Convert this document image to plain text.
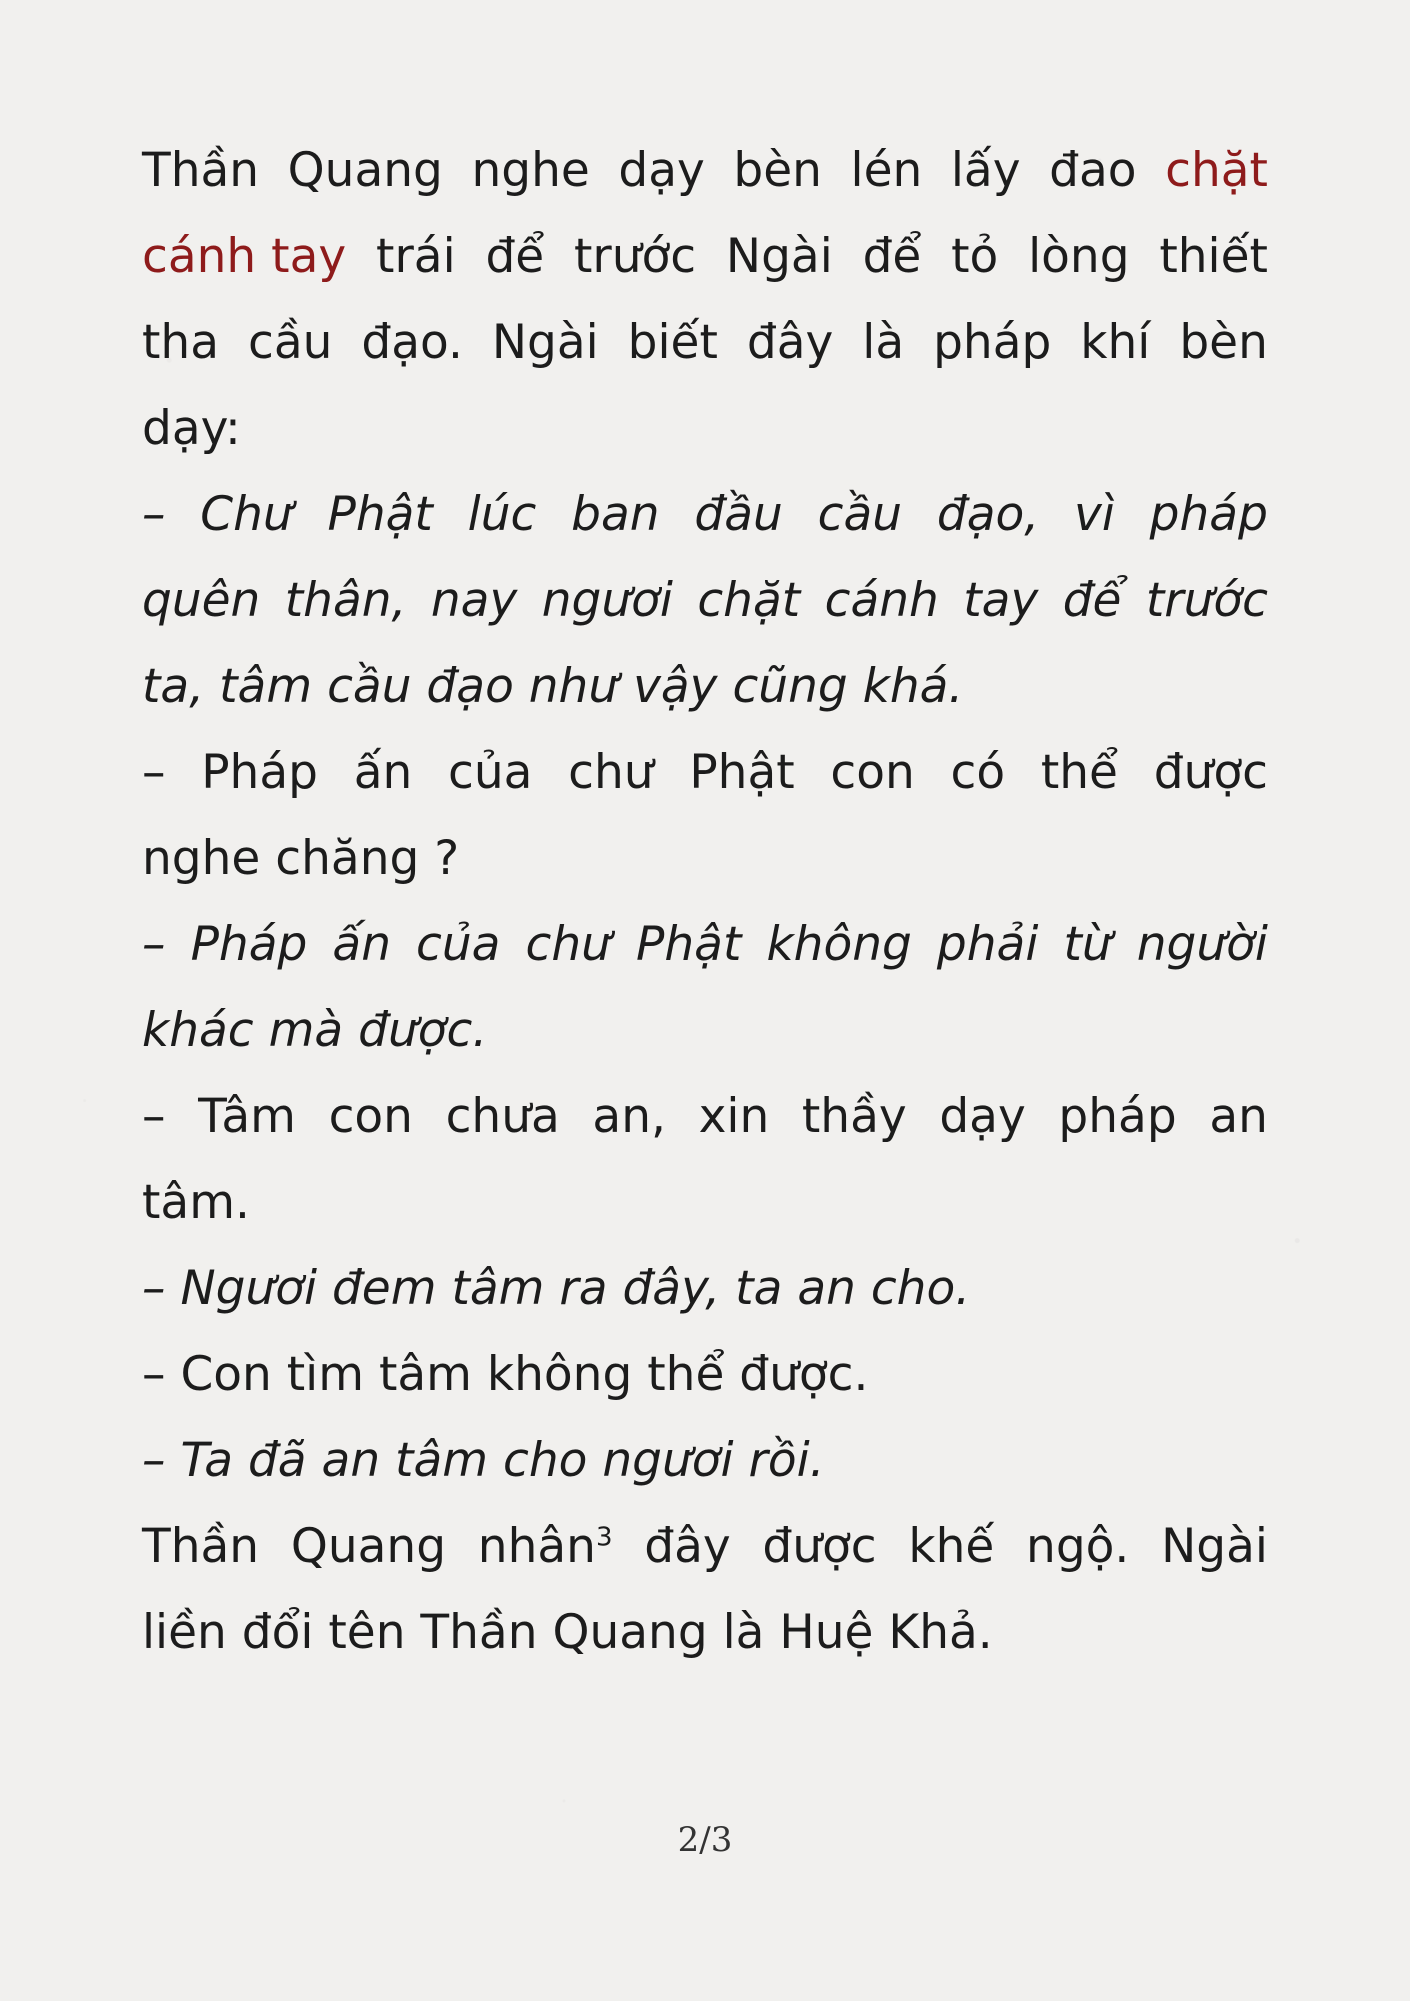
Thần Quang nghe dạy bèn lén lấy đao chặt
cánh tay trái để trước Ngài để tỏ lòng thiết
tha cầu đạo. Ngài biết đây là pháp khí bèn
dạy:
– Chư Phật lúc ban đầu cầu đạo, vì pháp
quên thân, nay ngươi chặt cánh tay để trước
ta, tâm cầu đạo như vậy cũng khá.
– Pháp ấn của chư Phật con có thể được
nghe chăng ?
– Pháp ấn của chư Phật không phải từ người
khác mà được.
– Tâm con chưa an, xin thầy dạy pháp an
tâm.
– Ngươi đem tâm ra đây, ta an cho.
– Con tìm tâm không thể được.
– Ta đã an tâm cho ngươi rồi.
Thần Quang nhân$^3$ đây được khế ngộ. Ngài
liền đổi tên Thần Quang là Huệ Khả.
2/3
